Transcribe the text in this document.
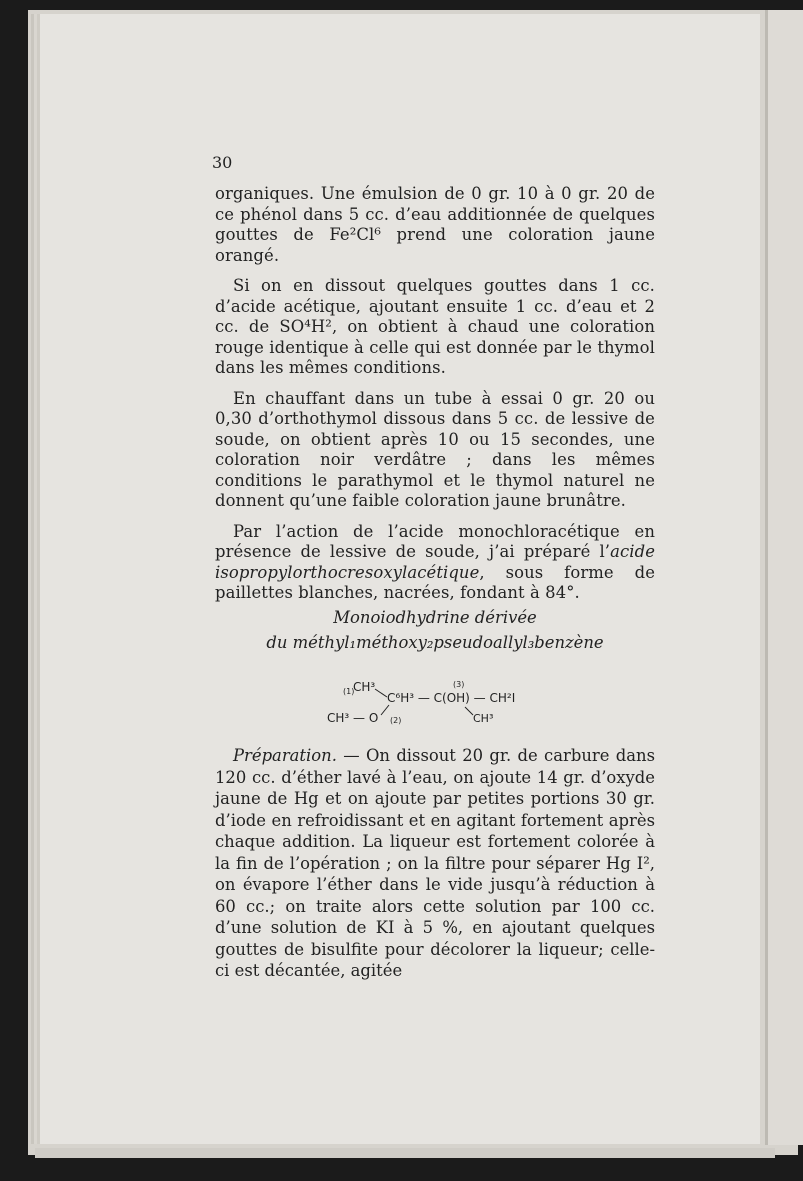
30

organiques. Une émulsion de 0 gr. 10 à 0 gr. 20 de ce phénol dans 5 cc. d’eau additionnée de quelques gouttes de Fe²Cl⁶ prend une coloration jaune orangé.

Si on en dissout quelques gouttes dans 1 cc. d’acide acétique, ajoutant ensuite 1 cc. d’eau et 2 cc. de SO⁴H², on obtient à chaud une coloration rouge identique à celle qui est donnée par le thymol dans les mêmes conditions.

En chauffant dans un tube à essai 0 gr. 20 ou 0,30 d’orthothymol dissous dans 5 cc. de lessive de soude, on obtient après 10 ou 15 secondes, une coloration noir verdâtre ; dans les mêmes conditions le parathymol et le thymol naturel ne donnent qu’une faible coloration jaune brunâtre.

Par l’action de l’acide monochloracétique en présence de lessive de soude, j’ai préparé l’acide isopropylorthocresoxylacétique, sous forme de paillettes blanches, nacrées, fondant à 84°.

Monoiodhydrine dérivée
du méthyl₁méthoxy₂pseudoallyl₃benzène
(1)
CH³
C⁶H³ — C(OH) — CH²I
(3)
CH³
CH³ — O (2)

Préparation. — On dissout 20 gr. de carbure dans 120 cc. d’éther lavé à l’eau, on ajoute 14 gr. d’oxyde jaune de Hg et on ajoute par petites portions 30 gr. d’iode en refroidissant et en agitant fortement après chaque addition. La liqueur est fortement colorée à la fin de l’opération ; on la filtre pour séparer Hg I², on évapore l’éther dans le vide jusqu’à réduction à 60 cc.; on traite alors cette solution par 100 cc. d’une solution de KI à 5 %, en ajoutant quelques gouttes de bisulfite pour décolorer la liqueur; celle-ci est décantée, agitée
